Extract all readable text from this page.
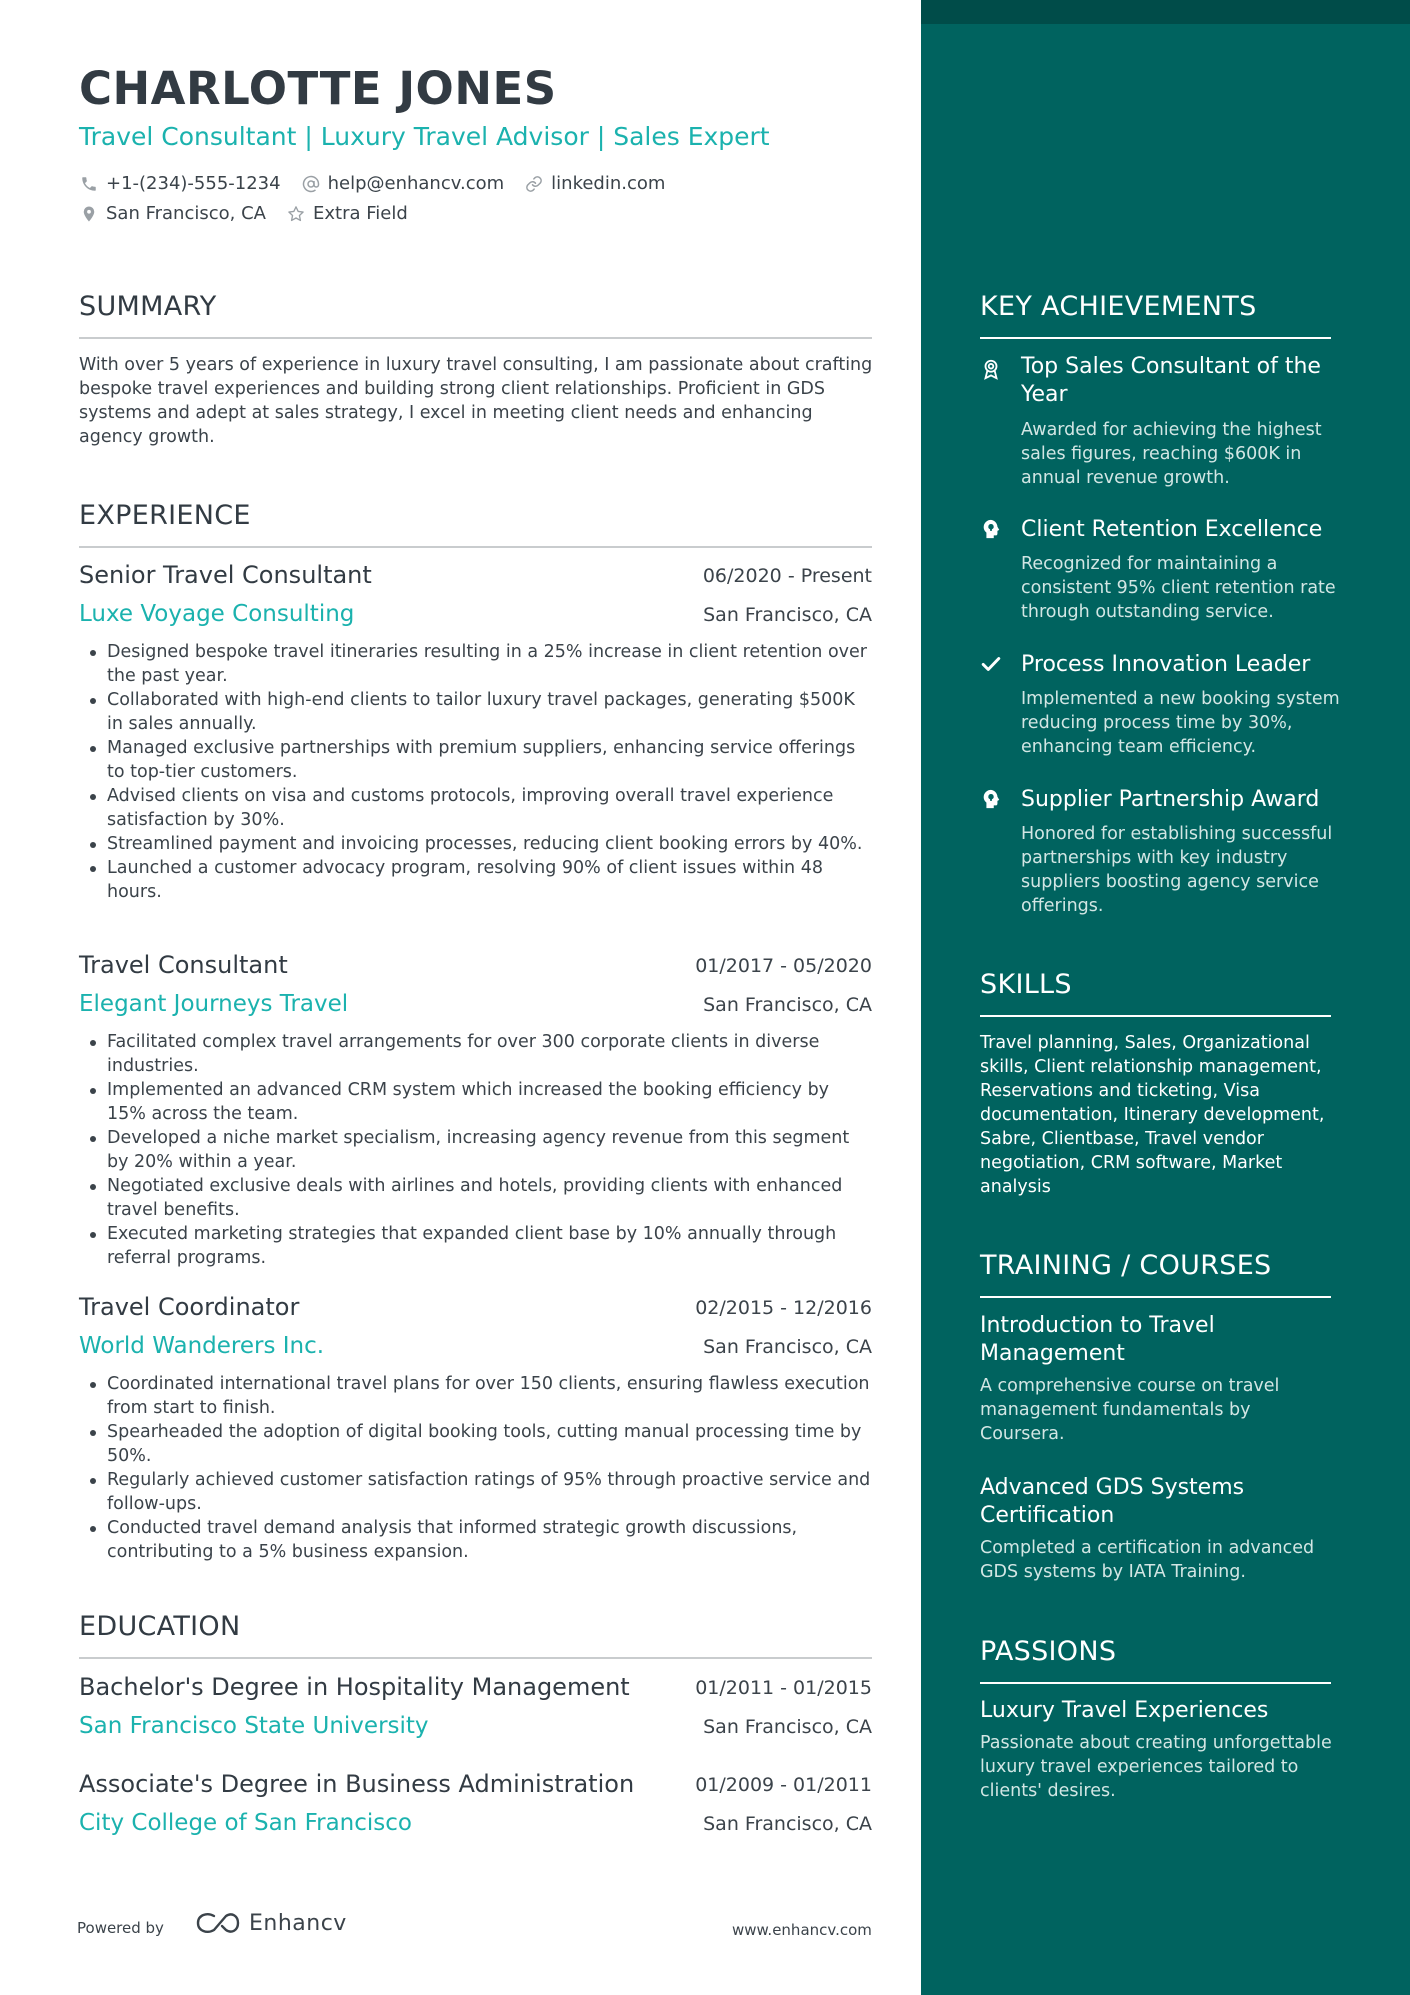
CHARLOTTE JONES
Travel Consultant | Luxury Travel Advisor | Sales Expert
+1-(234)-555-1234	help@enhancv.com	linkedin.com
San Francisco, CA	Extra Field
SUMMARY
With over 5 years of experience in luxury travel consulting, I am passionate about crafting bespoke travel experiences and building strong client relationships. Proficient in GDS systems and adept at sales strategy, I excel in meeting client needs and enhancing agency growth.
EXPERIENCE
Senior Travel Consultant	06/2020 - Present
Luxe Voyage Consulting	San Francisco, CA
Designed bespoke travel itineraries resulting in a 25% increase in client retention over the past year.
Collaborated with high-end clients to tailor luxury travel packages, generating $500K in sales annually.
Managed exclusive partnerships with premium suppliers, enhancing service offerings to top-tier customers.
Advised clients on visa and customs protocols, improving overall travel experience satisfaction by 30%.
Streamlined payment and invoicing processes, reducing client booking errors by 40%.
Launched a customer advocacy program, resolving 90% of client issues within 48 hours.
Travel Consultant	01/2017 - 05/2020
Elegant Journeys Travel	San Francisco, CA
Facilitated complex travel arrangements for over 300 corporate clients in diverse industries.
Implemented an advanced CRM system which increased the booking efficiency by 15% across the team.
Developed a niche market specialism, increasing agency revenue from this segment by 20% within a year.
Negotiated exclusive deals with airlines and hotels, providing clients with enhanced travel benefits.
Executed marketing strategies that expanded client base by 10% annually through referral programs.
Travel Coordinator	02/2015 - 12/2016
World Wanderers Inc.	San Francisco, CA
Coordinated international travel plans for over 150 clients, ensuring flawless execution from start to finish.
Spearheaded the adoption of digital booking tools, cutting manual processing time by 50%.
Regularly achieved customer satisfaction ratings of 95% through proactive service and follow-ups.
Conducted travel demand analysis that informed strategic growth discussions, contributing to a 5% business expansion.
EDUCATION
Bachelor's Degree in Hospitality Management	01/2011 - 01/2015
San Francisco State University	San Francisco, CA
Associate's Degree in Business Administration	01/2009 - 01/2011
City College of San Francisco	San Francisco, CA
Powered by	Enhancv	www.enhancv.com
KEY ACHIEVEMENTS
Top Sales Consultant of the Year
Awarded for achieving the highest sales figures, reaching $600K in annual revenue growth.
Client Retention Excellence
Recognized for maintaining a consistent 95% client retention rate through outstanding service.
Process Innovation Leader
Implemented a new booking system reducing process time by 30%, enhancing team efficiency.
Supplier Partnership Award
Honored for establishing successful partnerships with key industry suppliers boosting agency service offerings.
SKILLS
Travel planning, Sales, Organizational skills, Client relationship management, Reservations and ticketing, Visa documentation, Itinerary development, Sabre, Clientbase, Travel vendor negotiation, CRM software, Market analysis
TRAINING / COURSES
Introduction to Travel Management
A comprehensive course on travel management fundamentals by Coursera.
Advanced GDS Systems Certification
Completed a certification in advanced GDS systems by IATA Training.
PASSIONS
Luxury Travel Experiences
Passionate about creating unforgettable luxury travel experiences tailored to clients' desires.
